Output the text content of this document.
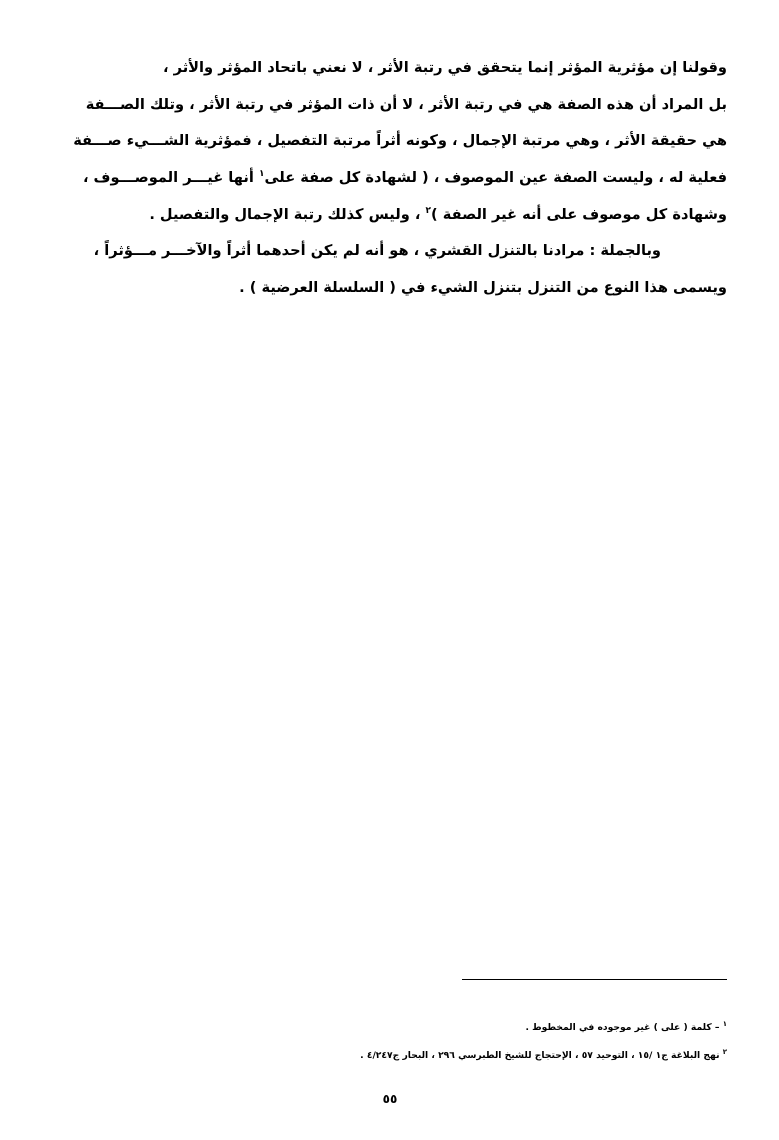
وقولنا إن مؤثرية المؤثر إنما يتحقق في رتبة الأثر ، لا نعني باتحاد المؤثر والأثر ،
بل المراد أن هذه الصفة هي في رتبة الأثر ، لا أن ذات المؤثر في رتبة الأثر ، وتلك الصـــفة
هي حقيقة الأثر ، وهي مرتبة الإجمال ، وكونه أثراً مرتبة التفصيل ، فمؤثرية الشـــيء صـــفة
فعلية له ، وليست الصفة عين الموصوف ، ( لشهادة كل صفة على$^١$ أنها غيـــر الموصـــوف ،
وشهادة كل موصوف على أنه غير الصفة )$^٢$ ، وليس كذلك رتبة الإجمال والتفصيل .
وبالجملة : مرادنا بالتنزل القشري ، هو أنه لم يكن أحدهما أثراً والآخـــر مـــؤثراً ،
ويسمى هذا النوع من التنزل بتنزل الشيء في ( السلسلة العرضية ) .
$^١$ – كلمة ( على ) غير موجوده في المخطوط .
$^٢$ نهج البلاغة ج١ /١٥ ، التوحيد ٥٧ ، الإحتجاج للشيخ الطبرسي ٢٩٦ ، البحار ج٤/٢٤٧ .
٥٥
